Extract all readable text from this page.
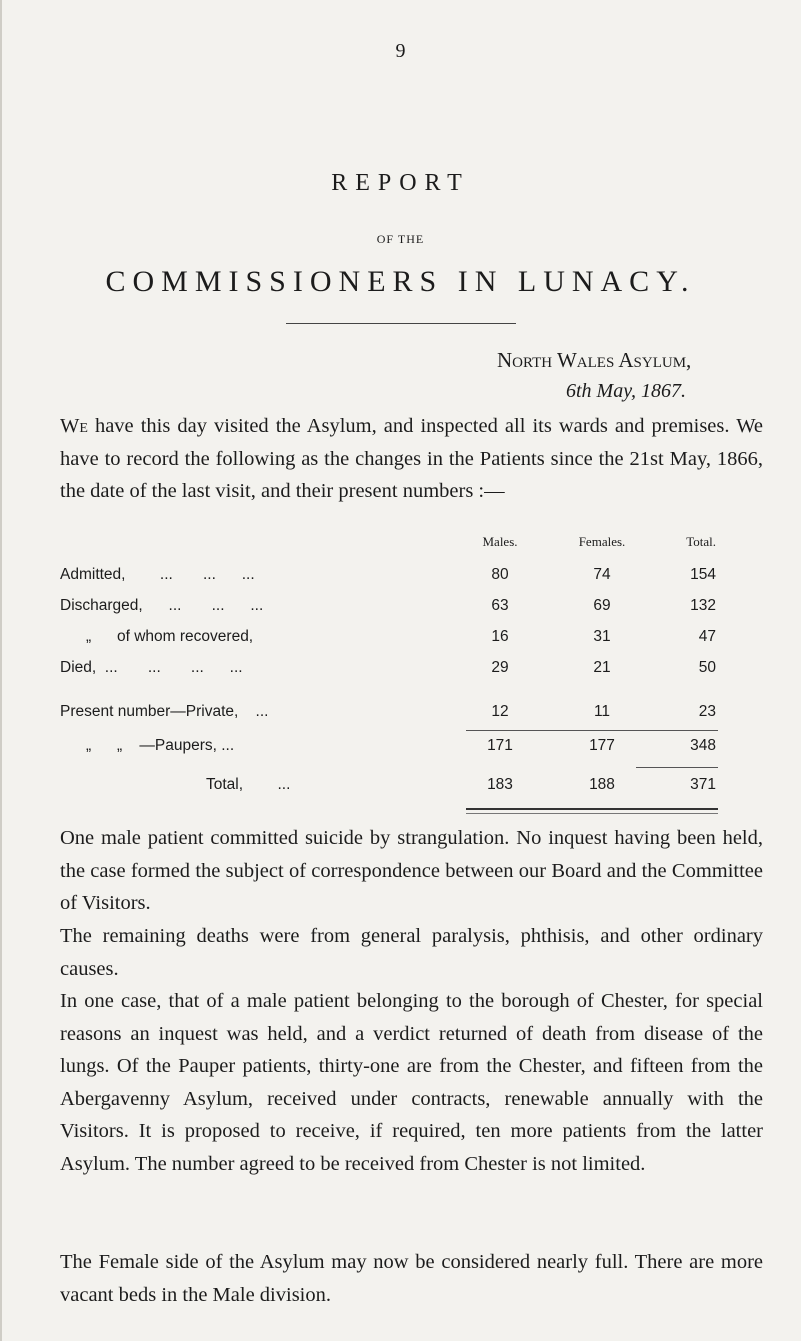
9
REPORT
OF THE
COMMISSIONERS IN LUNACY.
North Wales Asylum,
6th May, 1867.

We have this day visited the Asylum, and inspected all its wards and premises. We have to record the following as the changes in the Patients since the 21st May, 1866, the date of the last visit, and their present numbers :—

Males.	Females.	Total.
Admitted,        ...       ...      ...	80	74	154
Discharged,      ...       ...      ...	63	69	132
„      of whom recovered,	16	31	47
Died,  ...       ...       ...      ...	29	21	50
Present number—Private,    ...	12	11	23
„      „    —Paupers, ...	171	177	348
Total,        ...	183	188	371

One male patient committed suicide by strangulation. No inquest having been held, the case formed the subject of correspondence between our Board and the Committee of Visitors.

The remaining deaths were from general paralysis, phthisis, and other ordinary causes.

In one case, that of a male patient belonging to the borough of Chester, for special reasons an inquest was held, and a verdict returned of death from disease of the lungs. Of the Pauper patients, thirty-one are from the Chester, and fifteen from the Abergavenny Asylum, received under contracts, renewable annually with the Visitors. It is proposed to receive, if required, ten more patients from the latter Asylum. The number agreed to be received from Chester is not limited.

The Female side of the Asylum may now be considered nearly full. There are more vacant beds in the Male division.
